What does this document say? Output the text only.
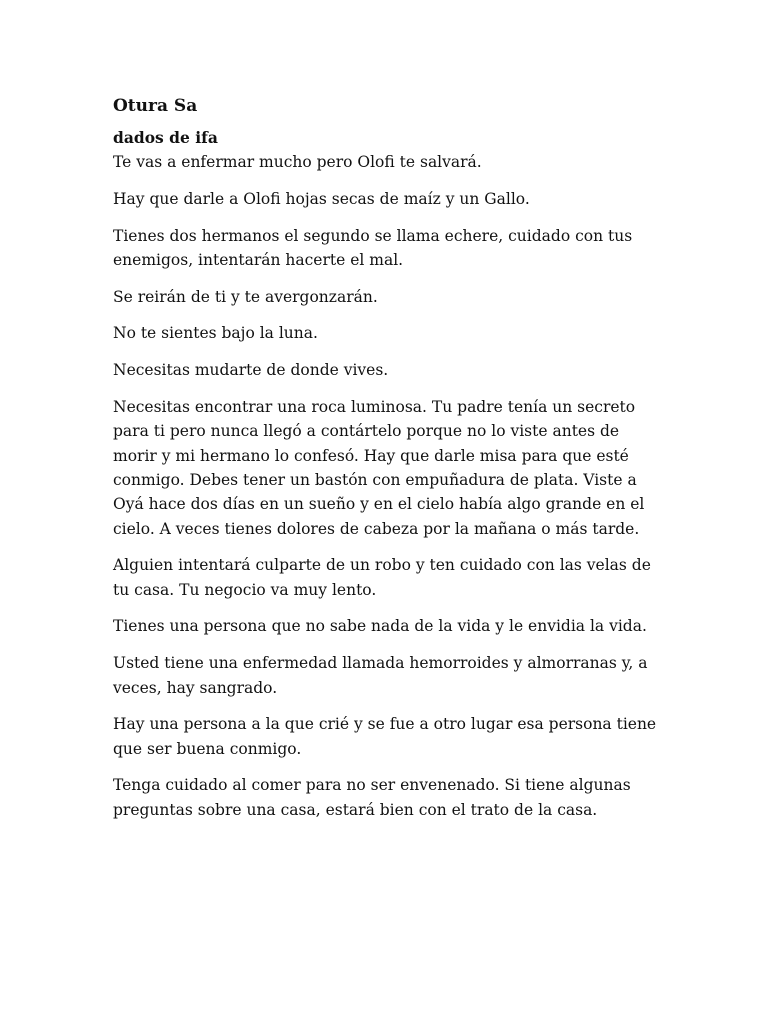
Otura Sa
dados de ifa

Te vas a enfermar mucho pero Olofi te salvará.

Hay que darle a Olofi hojas secas de maíz y un Gallo.

Tienes dos hermanos el segundo se llama echere, cuidado con tus enemigos, intentarán hacerte el mal.

Se reirán de ti y te avergonzarán.

No te sientes bajo la luna.

Necesitas mudarte de donde vives.

Necesitas encontrar una roca luminosa. Tu padre tenía un secreto para ti pero nunca llegó a contártelo porque no lo viste antes de morir y mi hermano lo confesó. Hay que darle misa para que esté conmigo. Debes tener un bastón con empuñadura de plata. Viste a Oyá hace dos días en un sueño y en el cielo había algo grande en el cielo. A veces tienes dolores de cabeza por la mañana o más tarde.

Alguien intentará culparte de un robo y ten cuidado con las velas de tu casa. Tu negocio va muy lento.

Tienes una persona que no sabe nada de la vida y le envidia la vida.

Usted tiene una enfermedad llamada hemorroides y almorranas y, a veces, hay sangrado.

Hay una persona a la que crié y se fue a otro lugar esa persona tiene que ser buena conmigo.

Tenga cuidado al comer para no ser envenenado. Si tiene algunas preguntas sobre una casa, estará bien con el trato de la casa.
